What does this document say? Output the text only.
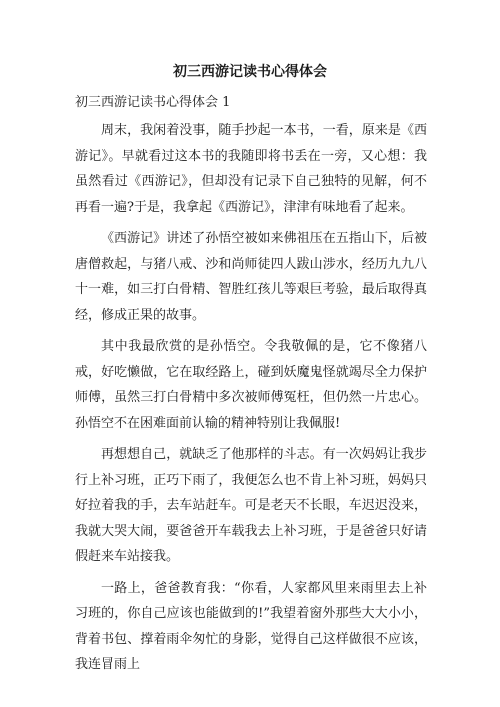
初三西游记读书心得体会
初三西游记读书心得体会 1

周末，我闲着没事，随手抄起一本书，一看，原来是《西游记》。早就看过这本书的我随即将书丢在一旁，又心想：我虽然看过《西游记》，但却没有记录下自己独特的见解，何不再看一遍?于是，我拿起《西游记》，津津有味地看了起来。

《西游记》讲述了孙悟空被如来佛祖压在五指山下，后被唐僧救起，与猪八戒、沙和尚师徒四人跋山涉水，经历九九八十一难，如三打白骨精、智胜红孩儿等艰巨考验，最后取得真经，修成正果的故事。

其中我最欣赏的是孙悟空。令我敬佩的是，它不像猪八戒，好吃懒做，它在取经路上，碰到妖魔鬼怪就竭尽全力保护师傅，虽然三打白骨精中多次被师傅冤枉，但仍然一片忠心。孙悟空不在困难面前认输的精神特别让我佩服!

再想想自己，就缺乏了他那样的斗志。有一次妈妈让我步行上补习班，正巧下雨了，我便怎么也不肯上补习班，妈妈只好拉着我的手，去车站赶车。可是老天不长眼，车迟迟没来，我就大哭大闹，要爸爸开车载我去上补习班，于是爸爸只好请假赶来车站接我。

一路上，爸爸教育我：“你看，人家都风里来雨里去上补习班的，你自己应该也能做到的!”我望着窗外那些大大小小，背着书包、撑着雨伞匆忙的身影，觉得自己这样做很不应该，我连冒雨上
